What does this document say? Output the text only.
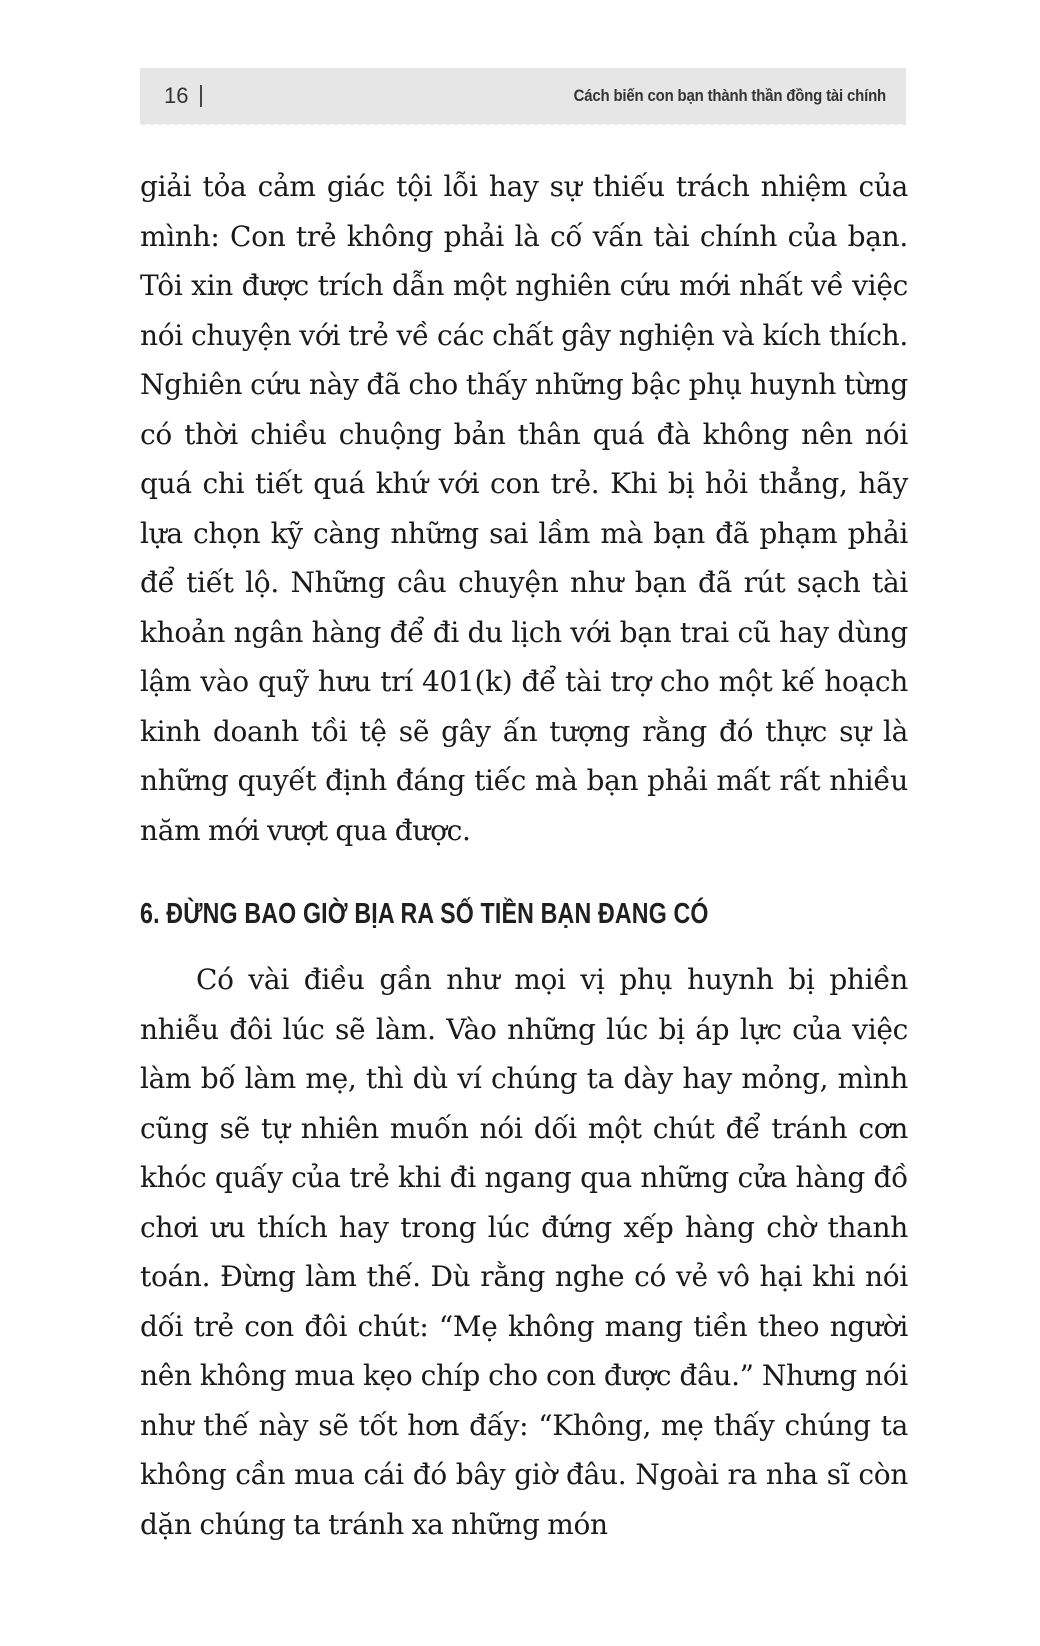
16	Cách biến con bạn thành thần đồng tài chính

giải tỏa cảm giác tội lỗi hay sự thiếu trách nhiệm của mình: Con trẻ không phải là cố vấn tài chính của bạn. Tôi xin được trích dẫn một nghiên cứu mới nhất về việc nói chuyện với trẻ về các chất gây nghiện và kích thích. Nghiên cứu này đã cho thấy những bậc phụ huynh từng có thời chiều chuộng bản thân quá đà không nên nói quá chi tiết quá khứ với con trẻ. Khi bị hỏi thẳng, hãy lựa chọn kỹ càng những sai lầm mà bạn đã phạm phải để tiết lộ. Những câu chuyện như bạn đã rút sạch tài khoản ngân hàng để đi du lịch với bạn trai cũ hay dùng lậm vào quỹ hưu trí 401(k) để tài trợ cho một kế hoạch kinh doanh tồi tệ sẽ gây ấn tượng rằng đó thực sự là những quyết định đáng tiếc mà bạn phải mất rất nhiều năm mới vượt qua được.

6. ĐỪNG BAO GIỜ BỊA RA SỐ TIỀN BẠN ĐANG CÓ

Có vài điều gần như mọi vị phụ huynh bị phiền nhiễu đôi lúc sẽ làm. Vào những lúc bị áp lực của việc làm bố làm mẹ, thì dù ví chúng ta dày hay mỏng, mình cũng sẽ tự nhiên muốn nói dối một chút để tránh cơn khóc quấy của trẻ khi đi ngang qua những cửa hàng đồ chơi ưu thích hay trong lúc đứng xếp hàng chờ thanh toán. Đừng làm thế. Dù rằng nghe có vẻ vô hại khi nói dối trẻ con đôi chút: “Mẹ không mang tiền theo người nên không mua kẹo chíp cho con được đâu.” Nhưng nói như thế này sẽ tốt hơn đấy: “Không, mẹ thấy chúng ta không cần mua cái đó bây giờ đâu. Ngoài ra nha sĩ còn dặn chúng ta tránh xa những món
